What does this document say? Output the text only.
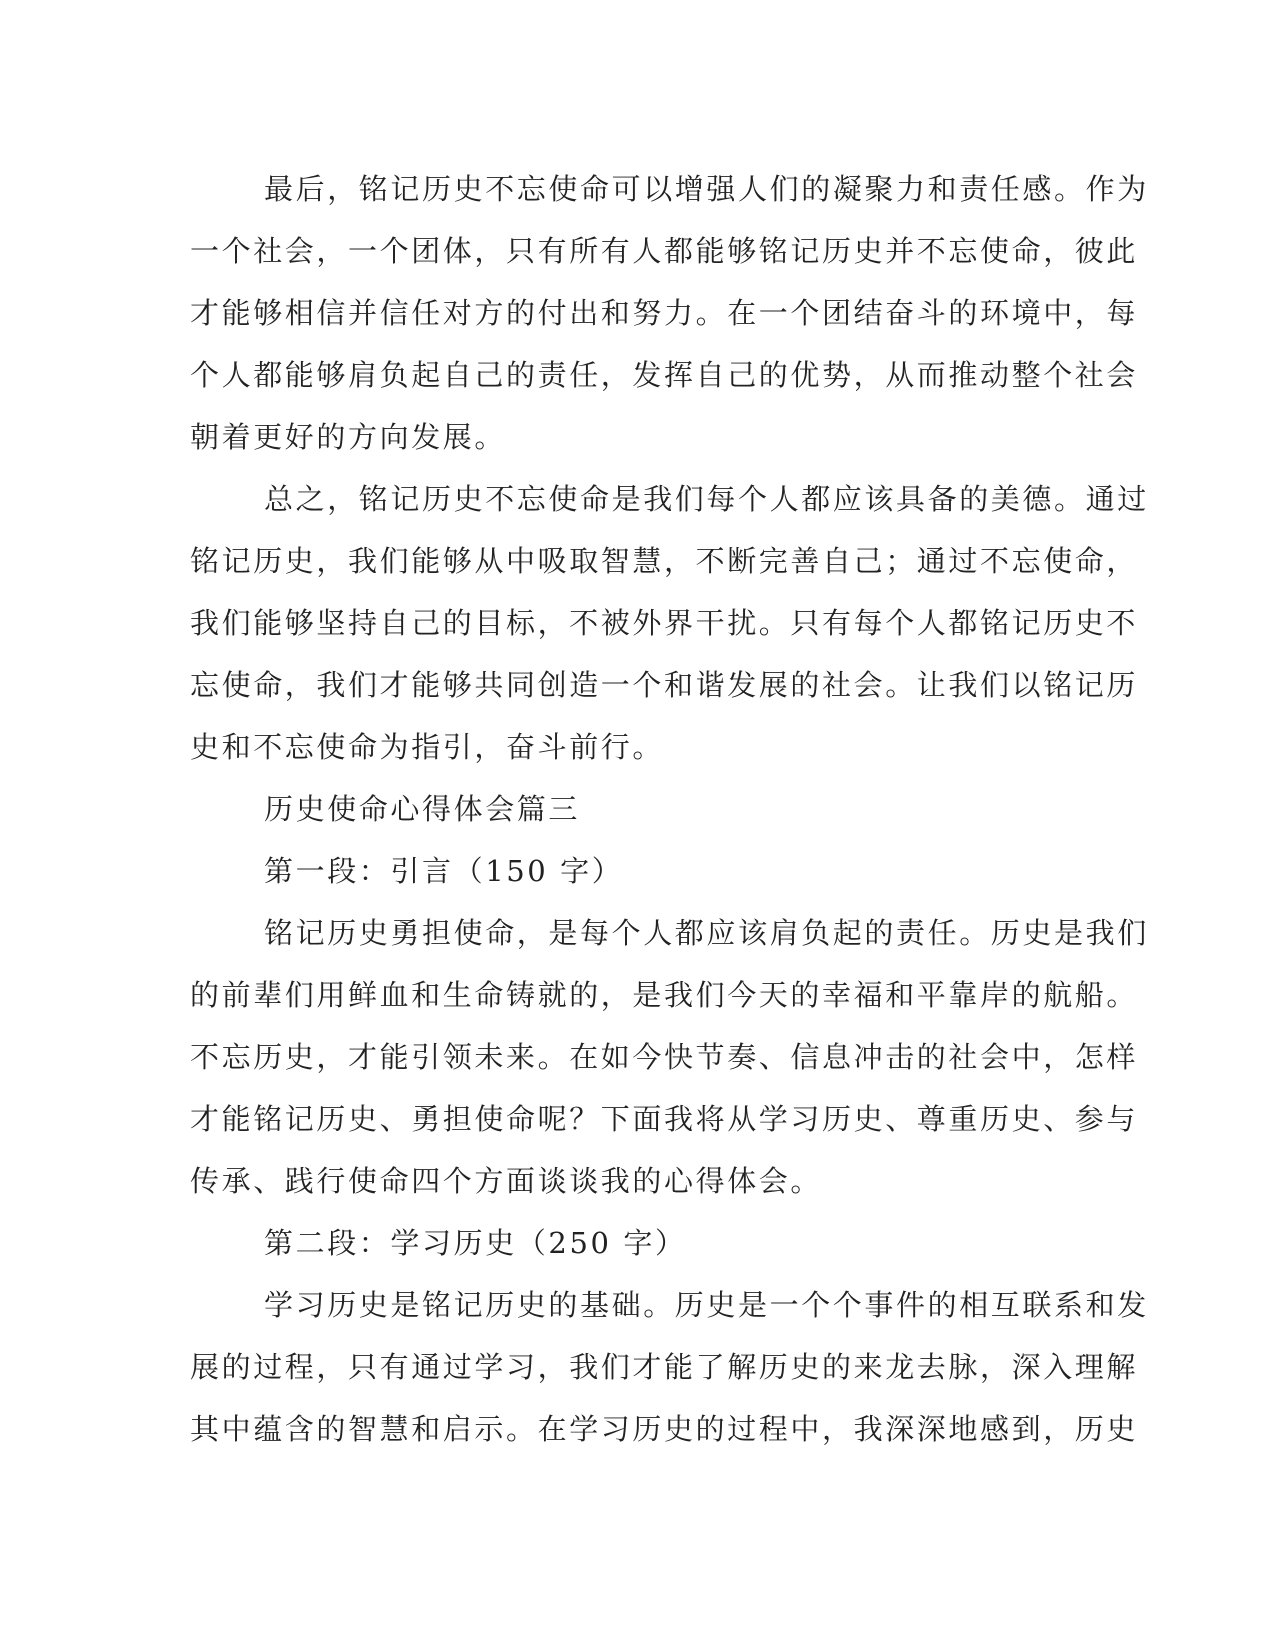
最后，铭记历史不忘使命可以增强人们的凝聚力和责任感。作为
一个社会，一个团体，只有所有人都能够铭记历史并不忘使命，彼此
才能够相信并信任对方的付出和努力。在一个团结奋斗的环境中，每
个人都能够肩负起自己的责任，发挥自己的优势，从而推动整个社会
朝着更好的方向发展。
总之，铭记历史不忘使命是我们每个人都应该具备的美德。通过
铭记历史，我们能够从中吸取智慧，不断完善自己；通过不忘使命，
我们能够坚持自己的目标，不被外界干扰。只有每个人都铭记历史不
忘使命，我们才能够共同创造一个和谐发展的社会。让我们以铭记历
史和不忘使命为指引，奋斗前行。
历史使命心得体会篇三
第一段：引言（150 字）
铭记历史勇担使命，是每个人都应该肩负起的责任。历史是我们
的前辈们用鲜血和生命铸就的，是我们今天的幸福和平靠岸的航船。
不忘历史，才能引领未来。在如今快节奏、信息冲击的社会中，怎样
才能铭记历史、勇担使命呢？下面我将从学习历史、尊重历史、参与
传承、践行使命四个方面谈谈我的心得体会。
第二段：学习历史（250 字）
学习历史是铭记历史的基础。历史是一个个事件的相互联系和发
展的过程，只有通过学习，我们才能了解历史的来龙去脉，深入理解
其中蕴含的智慧和启示。在学习历史的过程中，我深深地感到，历史
